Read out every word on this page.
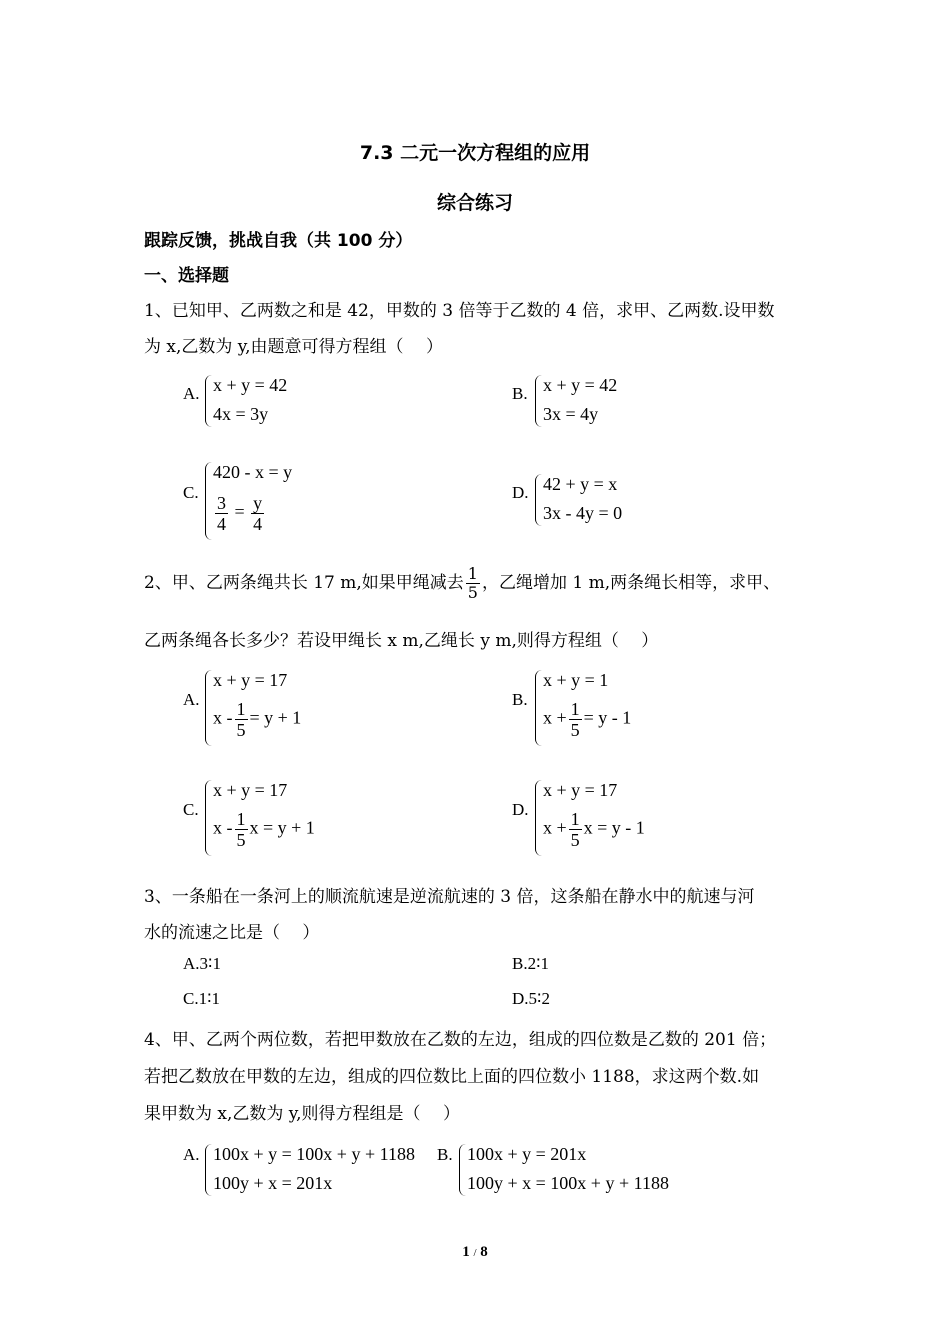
7.3 二元一次方程组的应用
综合练习
跟踪反馈，挑战自我（共 100 分）
一、选择题
1、已知甲、乙两数之和是 42，甲数的 3 倍等于乙数的 4 倍，求甲、乙两数.设甲数
为 x,乙数为 y,由题意可得方程组（　 ）
A. x + y = 42
4x = 3y
B. x + y = 42
3x = 4y
C.
420 - x = y
$\frac{3}{4} = \frac{y}{4}$
D. 42 + y = x
3x - 4y = 0
2、甲、乙两条绳共长 17 m,如果甲绳减去 $\frac{1}{5}$ ，乙绳增加 1 m,两条绳长相等，求甲、
乙两条绳各长多少？若设甲绳长 x m,乙绳长 y m,则得方程组（　 ）
A.
x + y = 17
$x - \frac{1}{5} = y + 1$
B.
x + y = 1
$x + \frac{1}{5} = y - 1$
C.
x + y = 17
x - $\frac{1}{5}$ x = y + 1
D.
x + y = 17
$x + \frac{1}{5}$ x = y - 1
3、一条船在一条河上的顺流航速是逆流航速的 3 倍，这条船在静水中的航速与河
水的流速之比是（　 ）
A.3∶1	B.2∶1
C.1∶1	D.5∶2
4、甲、乙两个两位数，若把甲数放在乙数的左边，组成的四位数是乙数的 201 倍；
若把乙数放在甲数的左边，组成的四位数比上面的四位数小 1188，求这两个数.如
果甲数为 x,乙数为 y,则得方程组是（　 ）
A. 100x + y = 100x + y + 1188
100y + x = 201x
B. 100x + y = 201x
100y + x = 100x + y + 1188
1 / 8
